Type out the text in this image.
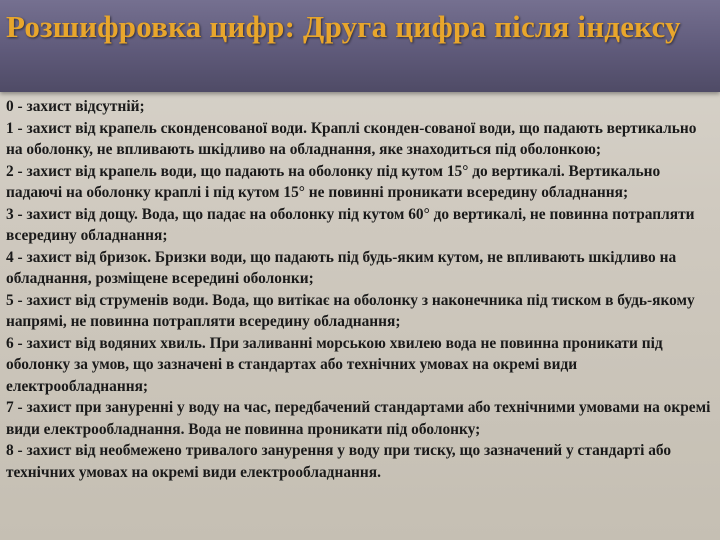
Розшифровка цифр: Друга цифра після індексу

0 - захист відсутній;

1 - захист від крапель сконденсованої води. Краплі сконден-сованої води, що падають вертикально на оболонку, не впливають шкідливо на обладнання, яке знаходиться під оболонкою;

2 - захист від крапель води, що падають на оболонку під кутом 15° до вертикалі. Вертикально падаючі на оболонку краплі і під кутом 15° не повинні проникати всередину обладнання;

3 - захист від дощу. Вода, що падає на оболонку під кутом 60° до вертикалі, не повинна потрапляти всередину обладнання;

4 - захист від бризок. Бризки води, що падають під будь-яким кутом, не впливають шкідливо на обладнання, розміщене всередині оболонки;

5 - захист від струменів води. Вода, що витікає на оболонку з наконечника під тиском в будь-якому напрямі, не повинна потрапляти всередину обладнання;

6 - захист від водяних хвиль. При заливанні морською хвилею вода не повинна проникати під оболонку за умов, що зазначені в стандартах або технічних умовах на окремі види електрообладнання;

7 - захист при зануренні у воду на час, передбачений стандартами або технічними умовами на окремі види електрообладнання. Вода не повинна проникати під оболонку;

8 - захист від необмежено тривалого занурення у воду при тиску, що зазначений у стандарті або технічних умовах на окремі види електрообладнання.
